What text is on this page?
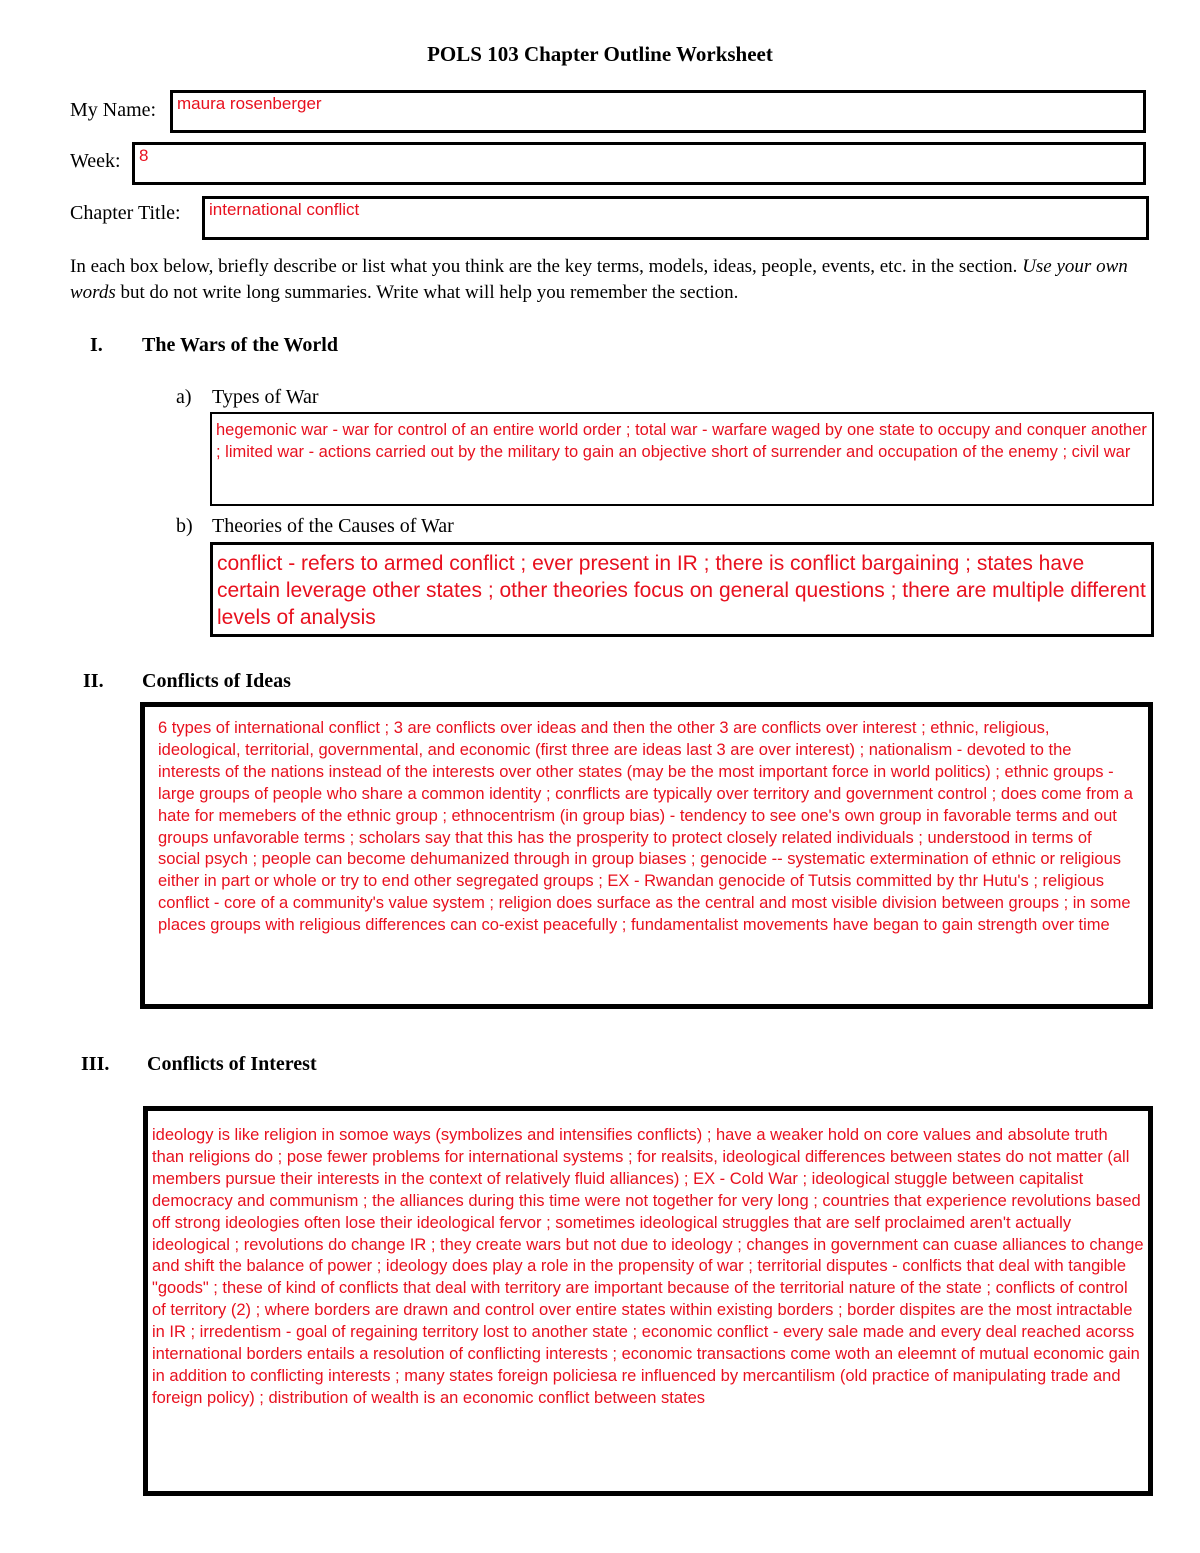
POLS 103 Chapter Outline Worksheet
My Name:	maura rosenberger
Week:	8
Chapter Title:	international conflict
In each box below, briefly describe or list what you think are the key terms, models, ideas, people, events, etc. in the section. Use your own words but do not write long summaries. Write what will help you remember the section.
I. The Wars of the World
a) Types of War
hegemonic war - war for control of an entire world order ; total war - warfare waged by one state to occupy and conquer another ; limited war - actions carried out by the military to gain an objective short of surrender and occupation of the enemy ; civil war
b) Theories of the Causes of War
conflict - refers to armed conflict ; ever present in IR ; there is conflict bargaining ; states have certain leverage other states ; other theories focus on general questions ; there are multiple different levels of analysis
II. Conflicts of Ideas
6 types of international conflict ; 3 are conflicts over ideas and then the other 3 are conflicts over interest ; ethnic, religious, ideological, territorial, governmental, and economic (first three are ideas last 3 are over interest) ; nationalism - devoted to the interests of the nations instead of the interests over other states (may be the most important force in world politics) ; ethnic groups - large groups of people who share a common identity ; conrflicts are typically over territory and government control ; does come from a hate for memebers of the ethnic group ; ethnocentrism (in group bias) - tendency to see one's own group in favorable terms and out groups unfavorable terms ; scholars say that this has the prosperity to protect closely related individuals ; understood in terms of social psych ; people can become dehumanized through in group biases ; genocide -- systematic extermination of ethnic or religious either in part or whole or try to end other segregated groups ; EX - Rwandan genocide of Tutsis committed by thr Hutu's ; religious conflict - core of a community's value system ; religion does surface as the central and most visible division between groups ; in some places groups with religious differences can co-exist peacefully ; fundamentalist movements have began to gain strength over time
III. Conflicts of Interest
ideology is like religion in somoe ways (symbolizes and intensifies conflicts) ; have a weaker hold on core values and absolute truth than religions do ; pose fewer problems for international systems ; for realsits, ideological differences between states do not matter (all members pursue their interests in the context of relatively fluid alliances) ; EX - Cold War ; ideological stuggle between capitalist democracy and communism ; the alliances during this time were not together for very long ; countries that experience revolutions based off strong ideologies often lose their ideological fervor ; sometimes ideological struggles that are self proclaimed aren't actually ideological ; revolutions do change IR ; they create wars but not due to ideology ; changes in government can cuase alliances to change and shift the balance of power ; ideology does play a role in the propensity of war ; territorial disputes - conlficts that deal with tangible "goods" ; these of kind of conflicts that deal with territory are important because of the territorial nature of the state ; conflicts of control of territory (2) ; where borders are drawn and control over entire states within existing borders ; border dispites are the most intractable in IR ; irredentism - goal of regaining territory lost to another state ; economic conflict - every sale made and every deal reached acorss international borders entails a resolution of conflicting interests ; economic transactions come woth an eleemnt of mutual economic gain in addition to conflicting interests ; many states foreign policiesa re influenced by mercantilism (old practice of manipulating trade and foreign policy) ; distribution of wealth is an economic conflict between states
